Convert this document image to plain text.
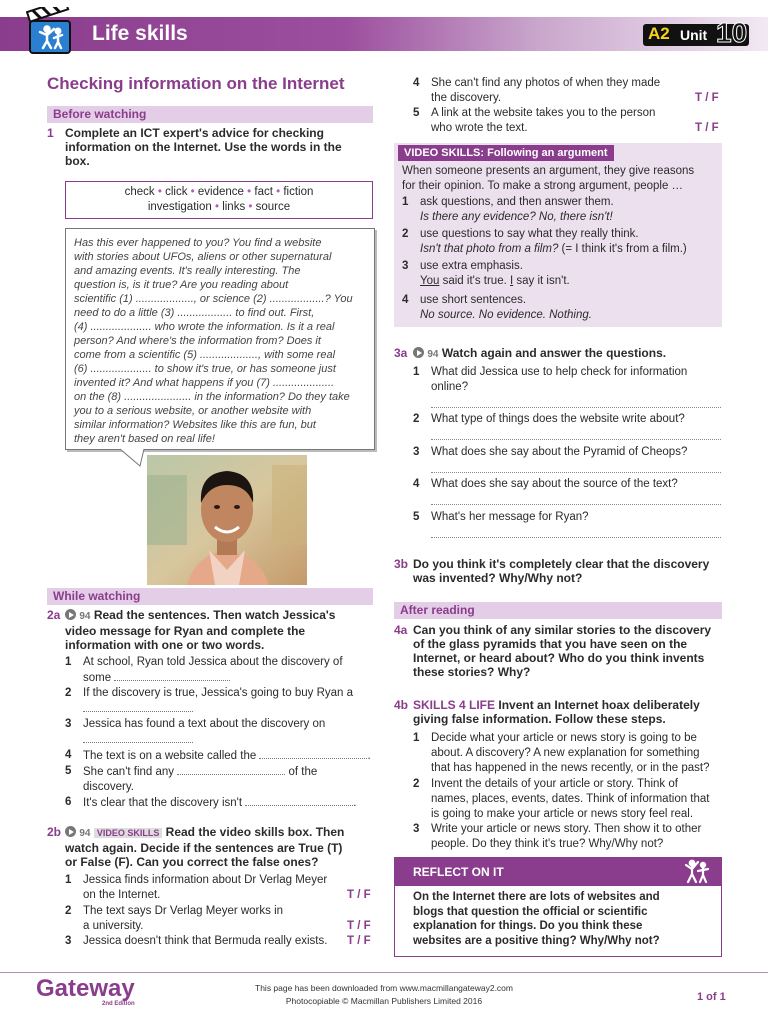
Life skills	A2 Unit 10
Checking information on the Internet
Before watching
1 Complete an ICT expert's advice for checking information on the Internet. Use the words in the box.
check • click • evidence • fact • fiction
investigation • links • source

Has this ever happened to you? You find a website

with stories about UFOs, aliens or other supernatural

and amazing events. It's really interesting. The

question is, is it true? Are you reading about

scientific (1) ..................., or science (2) ..................? You

need to do a little (3) .................. to find out. First,

(4) .................... who wrote the information. Is it a real

person? And where's the information from? Does it

come from a scientific (5) ..................., with some real

(6) .................... to show it's true, or has someone just

invented it? And what happens if you (7) ....................

on the (8) ...................... in the information? Do they take

you to a serious website, or another website with

similar information? Websites like this are fun, but

they aren't based on real life!

While watching
2a	94 Read the sentences. Then watch Jessica's
video message for Ryan and complete the
information with one or two words.
1 At school, Ryan told Jessica about the discovery of
some
2 If the discovery is true, Jessica's going to buy Ryan a

3 Jessica has found a text about the discovery on

4 The text is on a website called the	.
5 She can't find any	of the
discovery.
6 It's clear that the discovery isn't	.
2b	94 VIDEO SKILLS Read the video skills box. Then
watch again. Decide if the sentences are True (T)
or False (F). Can you correct the false ones?
1 Jessica finds information about Dr Verlag Meyer
on the Internet.	T / F
2 The text says Dr Verlag Meyer works in
a university.	T / F
3 Jessica doesn't think that Bermuda really exists.	T / F
4 She can't find any photos of when they made
the discovery.	T / F
5 A link at the website takes you to the person
who wrote the text.	T / F
VIDEO SKILLS: Following an argument
When someone presents an argument, they give reasons
for their opinion. To make a strong argument, people …
1 ask questions, and then answer them.
Is there any evidence? No, there isn't!
2 use questions to say what they really think.
Isn't that photo from a film? (= I think it's from a film.)
3 use extra emphasis.
You said it's true. I say it isn't.
4 use short sentences.
No source. No evidence. Nothing.
3a	94 Watch again and answer the questions.
1 What did Jessica use to help check for information
online?
2 What type of things does the website write about?
3 What does she say about the Pyramid of Cheops?
4 What does she say about the source of the text?
5 What's her message for Ryan?
3b Do you think it's completely clear that the discovery
was invented? Why/Why not?
After reading
4a Can you think of any similar stories to the discovery
of the glass pyramids that you have seen on the
Internet, or heard about? Who do you think invents
these stories? Why?
4b SKILLS 4 LIFE Invent an Internet hoax deliberately
giving false information. Follow these steps.
1 Decide what your article or news story is going to be
about. A discovery? A new explanation for something
that has happened in the news recently, or in the past?
2 Invent the details of your article or story. Think of
names, places, events, dates. Think of information that
is going to make your article or news story feel real.
3 Write your article or news story. Then show it to other
people. Do they think it's true? Why/Why not?
REFLECT ON IT
On the Internet there are lots of websites and
blogs that question the official or scientific
explanation for things. Do you think these
websites are a positive thing? Why/Why not?
Gateway
2nd Edition
This page has been downloaded from www.macmillangateway2.com
Photocopiable © Macmillan Publishers Limited 2016	1 of 1
